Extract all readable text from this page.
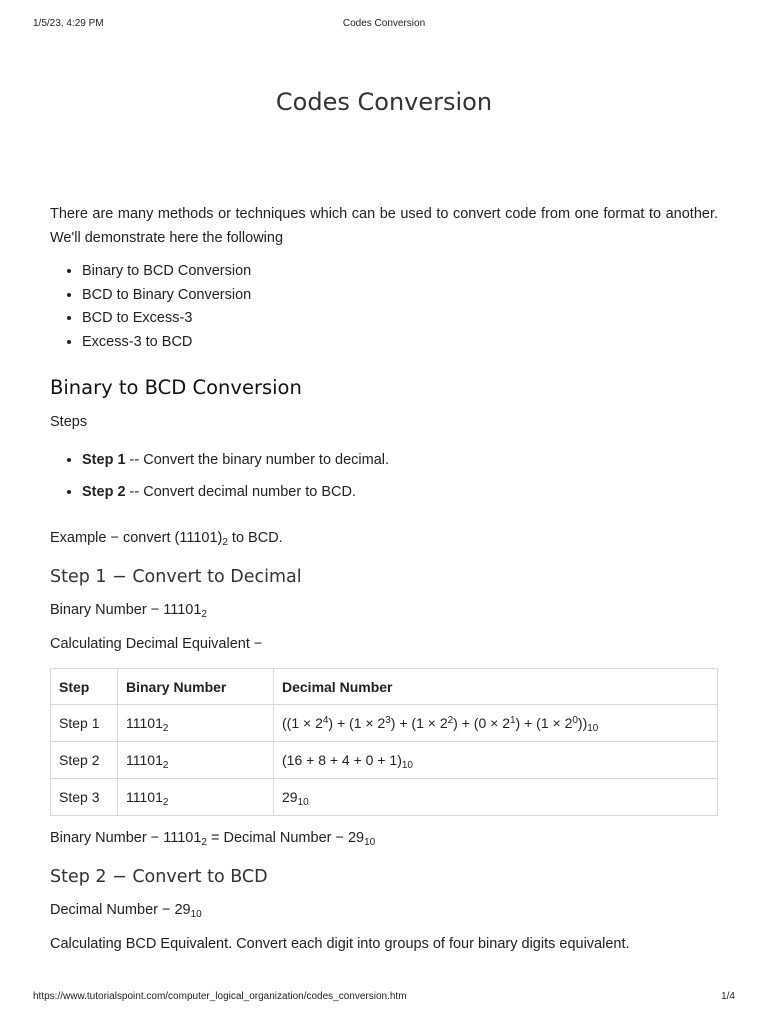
1/5/23, 4:29 PM	Codes Conversion
Codes Conversion

There are many methods or techniques which can be used to convert code from one format to another. We'll demonstrate here the following

• Binary to BCD Conversion
• BCD to Binary Conversion
• BCD to Excess-3
• Excess-3 to BCD
Binary to BCD Conversion

Steps

• Step 1 -- Convert the binary number to decimal.
• Step 2 -- Convert decimal number to BCD.

Example − convert $(11101)_2$ to BCD.

Step 1 − Convert to Decimal

Binary Number − $11101_2$

Calculating Decimal Equivalent −

Step	Binary Number	Decimal Number
Step 1	$11101_2$	$((1 \times 2^4) + (1 \times 2^3) + (1 \times 2^2) + (0 \times 2^1) + (1 \times 2^0))_{10}$
Step 2	$11101_2$	$(16 + 8 + 4 + 0 + 1)_{10}$
Step 3	$11101_2$	$29_{10}$

Binary Number − $11101_2$ = Decimal Number − $29_{10}$

Step 2 − Convert to BCD

Decimal Number − $29_{10}$

Calculating BCD Equivalent. Convert each digit into groups of four binary digits equivalent.

https://www.tutorialspoint.com/computer_logical_organization/codes_conversion.htm	1/4
